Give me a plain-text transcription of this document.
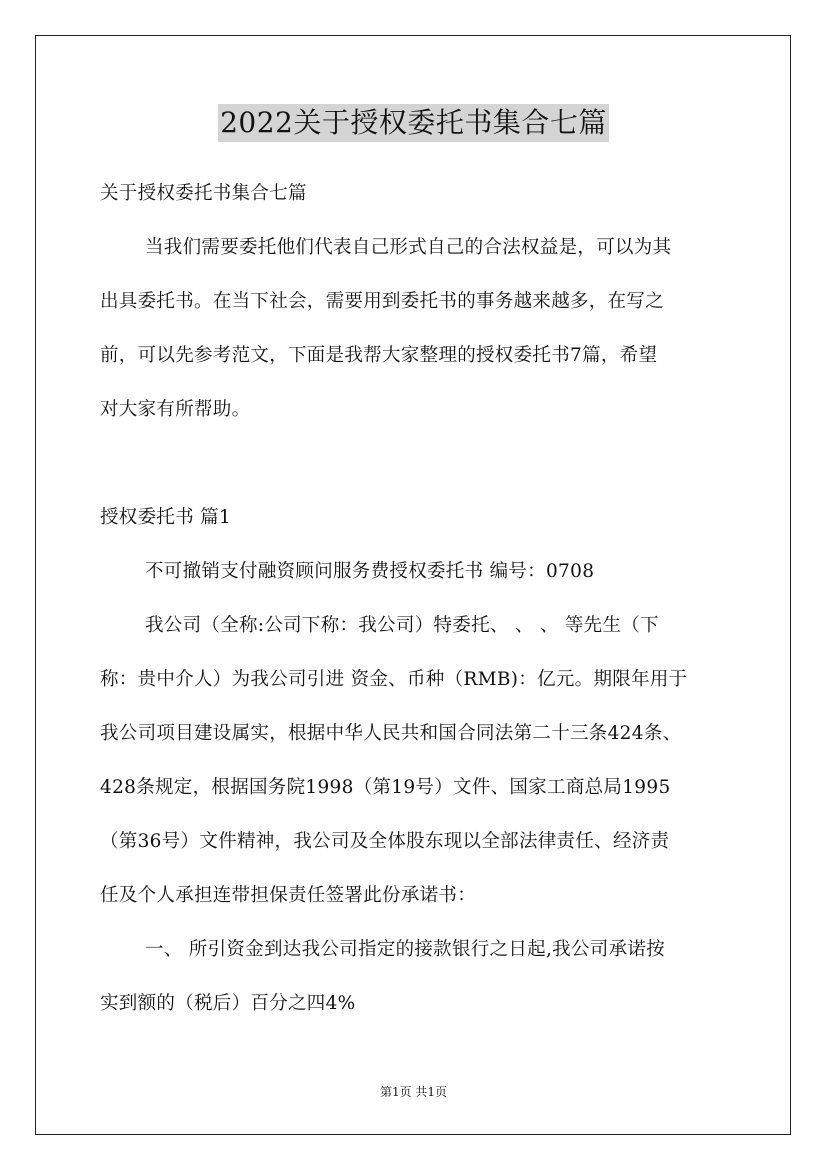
2022关于授权委托书集合七篇
关于授权委托书集合七篇
当我们需要委托他们代表自己形式自己的合法权益是，可以为其
出具委托书。在当下社会，需要用到委托书的事务越来越多，在写之
前，可以先参考范文，下面是我帮大家整理的授权委托书7篇，希望
对大家有所帮助。
授权委托书 篇1
不可撤销支付融资顾问服务费授权委托书 编号：0708
我公司（全称:公司下称：我公司）特委托、 、 、 等先生（下
称：贵中介人）为我公司引进 资金、币种（RMB)：亿元。期限年用于
我公司项目建设属实，根据中华人民共和国合同法第二十三条424条、
428条规定，根据国务院1998（第19号）文件、国家工商总局1995
（第36号）文件精神，我公司及全体股东现以全部法律责任、经济责
任及个人承担连带担保责任签署此份承诺书：
一、 所引资金到达我公司指定的接款银行之日起,我公司承诺按
实到额的（税后）百分之四4%
第1页 共1页
